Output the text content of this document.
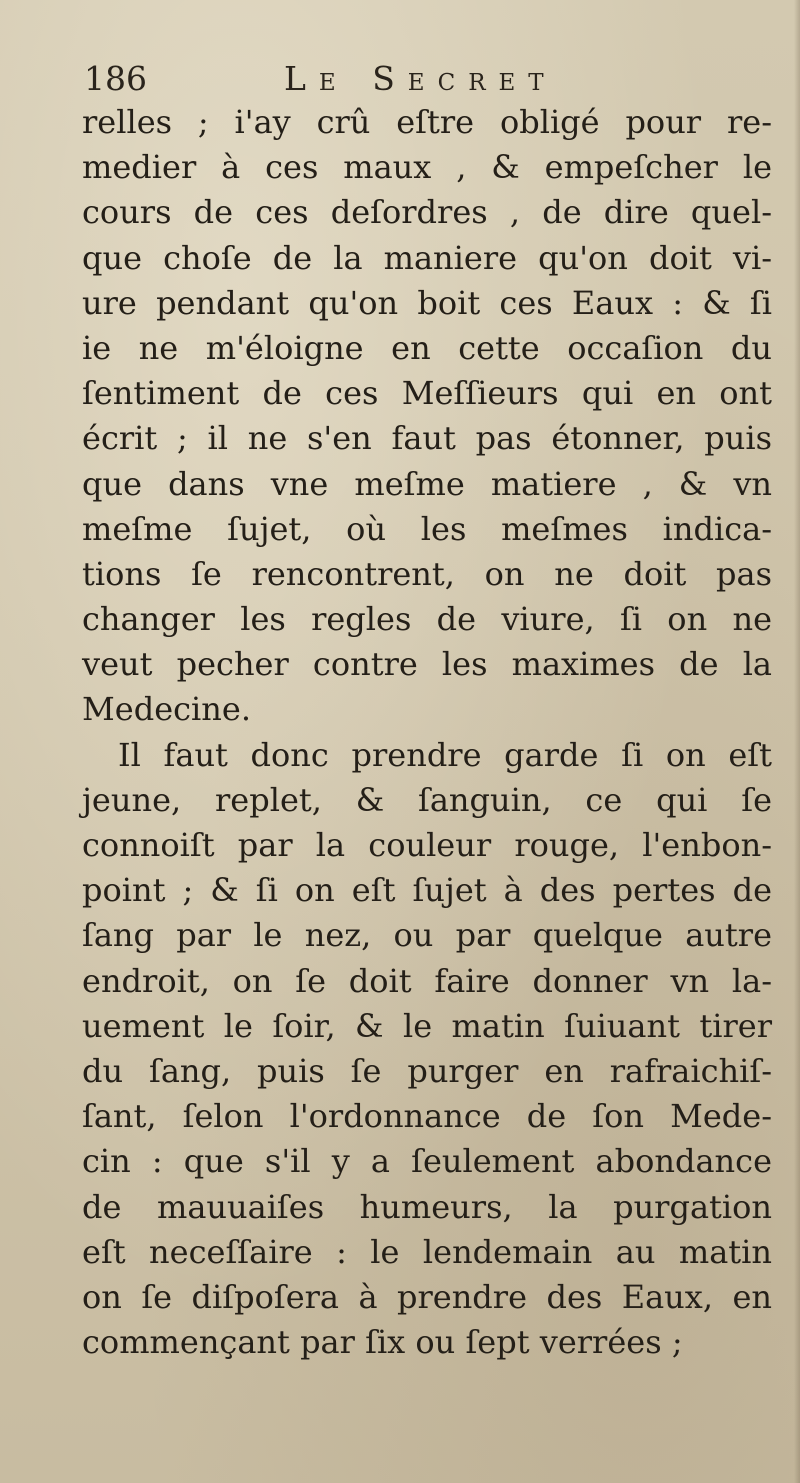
186	Le Secret
relles ; i'ay crû eſtre obligé pour re-
medier à ces maux , & empeſcher le
cours de ces deſordres , de dire quel-
que choſe de la maniere qu'on doit vi-
ure pendant qu'on boit ces Eaux : & ſi
ie ne m'éloigne en cette occaſion du
ſentiment de ces Meſſieurs qui en ont
écrit ; il ne s'en faut pas étonner, puis
que dans vne meſme matiere , & vn
meſme ſujet, où les meſmes indica-
tions ſe rencontrent, on ne doit pas
changer les regles de viure, ſi on ne
veut pecher contre les maximes de la
Medecine.
Il faut donc prendre garde ſi on eſt
jeune, replet, & ſanguin, ce qui ſe
connoiſt par la couleur rouge, l'enbon-
point ; & ſi on eſt ſujet à des pertes de
ſang par le nez, ou par quelque autre
endroit, on ſe doit faire donner vn la-
uement le ſoir, & le matin ſuiuant tirer
du ſang, puis ſe purger en rafraichiſ-
ſant, ſelon l'ordonnance de ſon Mede-
cin : que s'il y a ſeulement abondance
de mauuaiſes humeurs, la purgation
eſt neceſſaire : le lendemain au matin
on ſe diſpoſera à prendre des Eaux, en
commençant par ſix ou ſept verrées ;
